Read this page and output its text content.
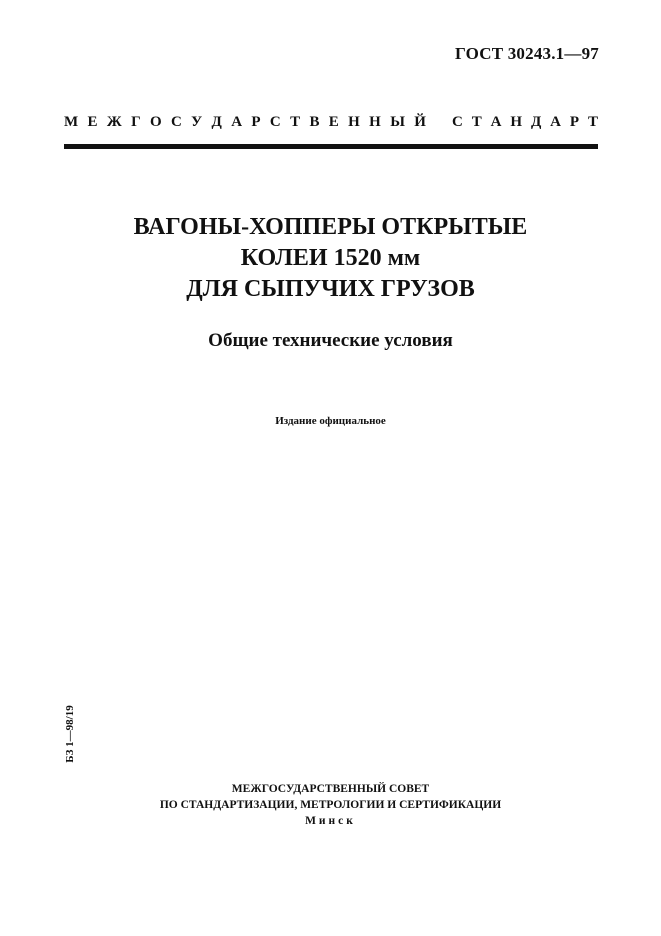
ГОСТ 30243.1—97
М Е Ж Г О С У Д А Р С Т В Е Н Н Ы Й С Т А Н Д А Р Т
ВАГОНЫ-ХОППЕРЫ ОТКРЫТЫЕ
КОЛЕИ 1520 мм
ДЛЯ СЫПУЧИХ ГРУЗОВ
Общие технические условия
Издание официальное
БЗ 1—98/19
МЕЖГОСУДАРСТВЕННЫЙ СОВЕТ
ПО СТАНДАРТИЗАЦИИ, МЕТРОЛОГИИ И СЕРТИФИКАЦИИ
Минск
